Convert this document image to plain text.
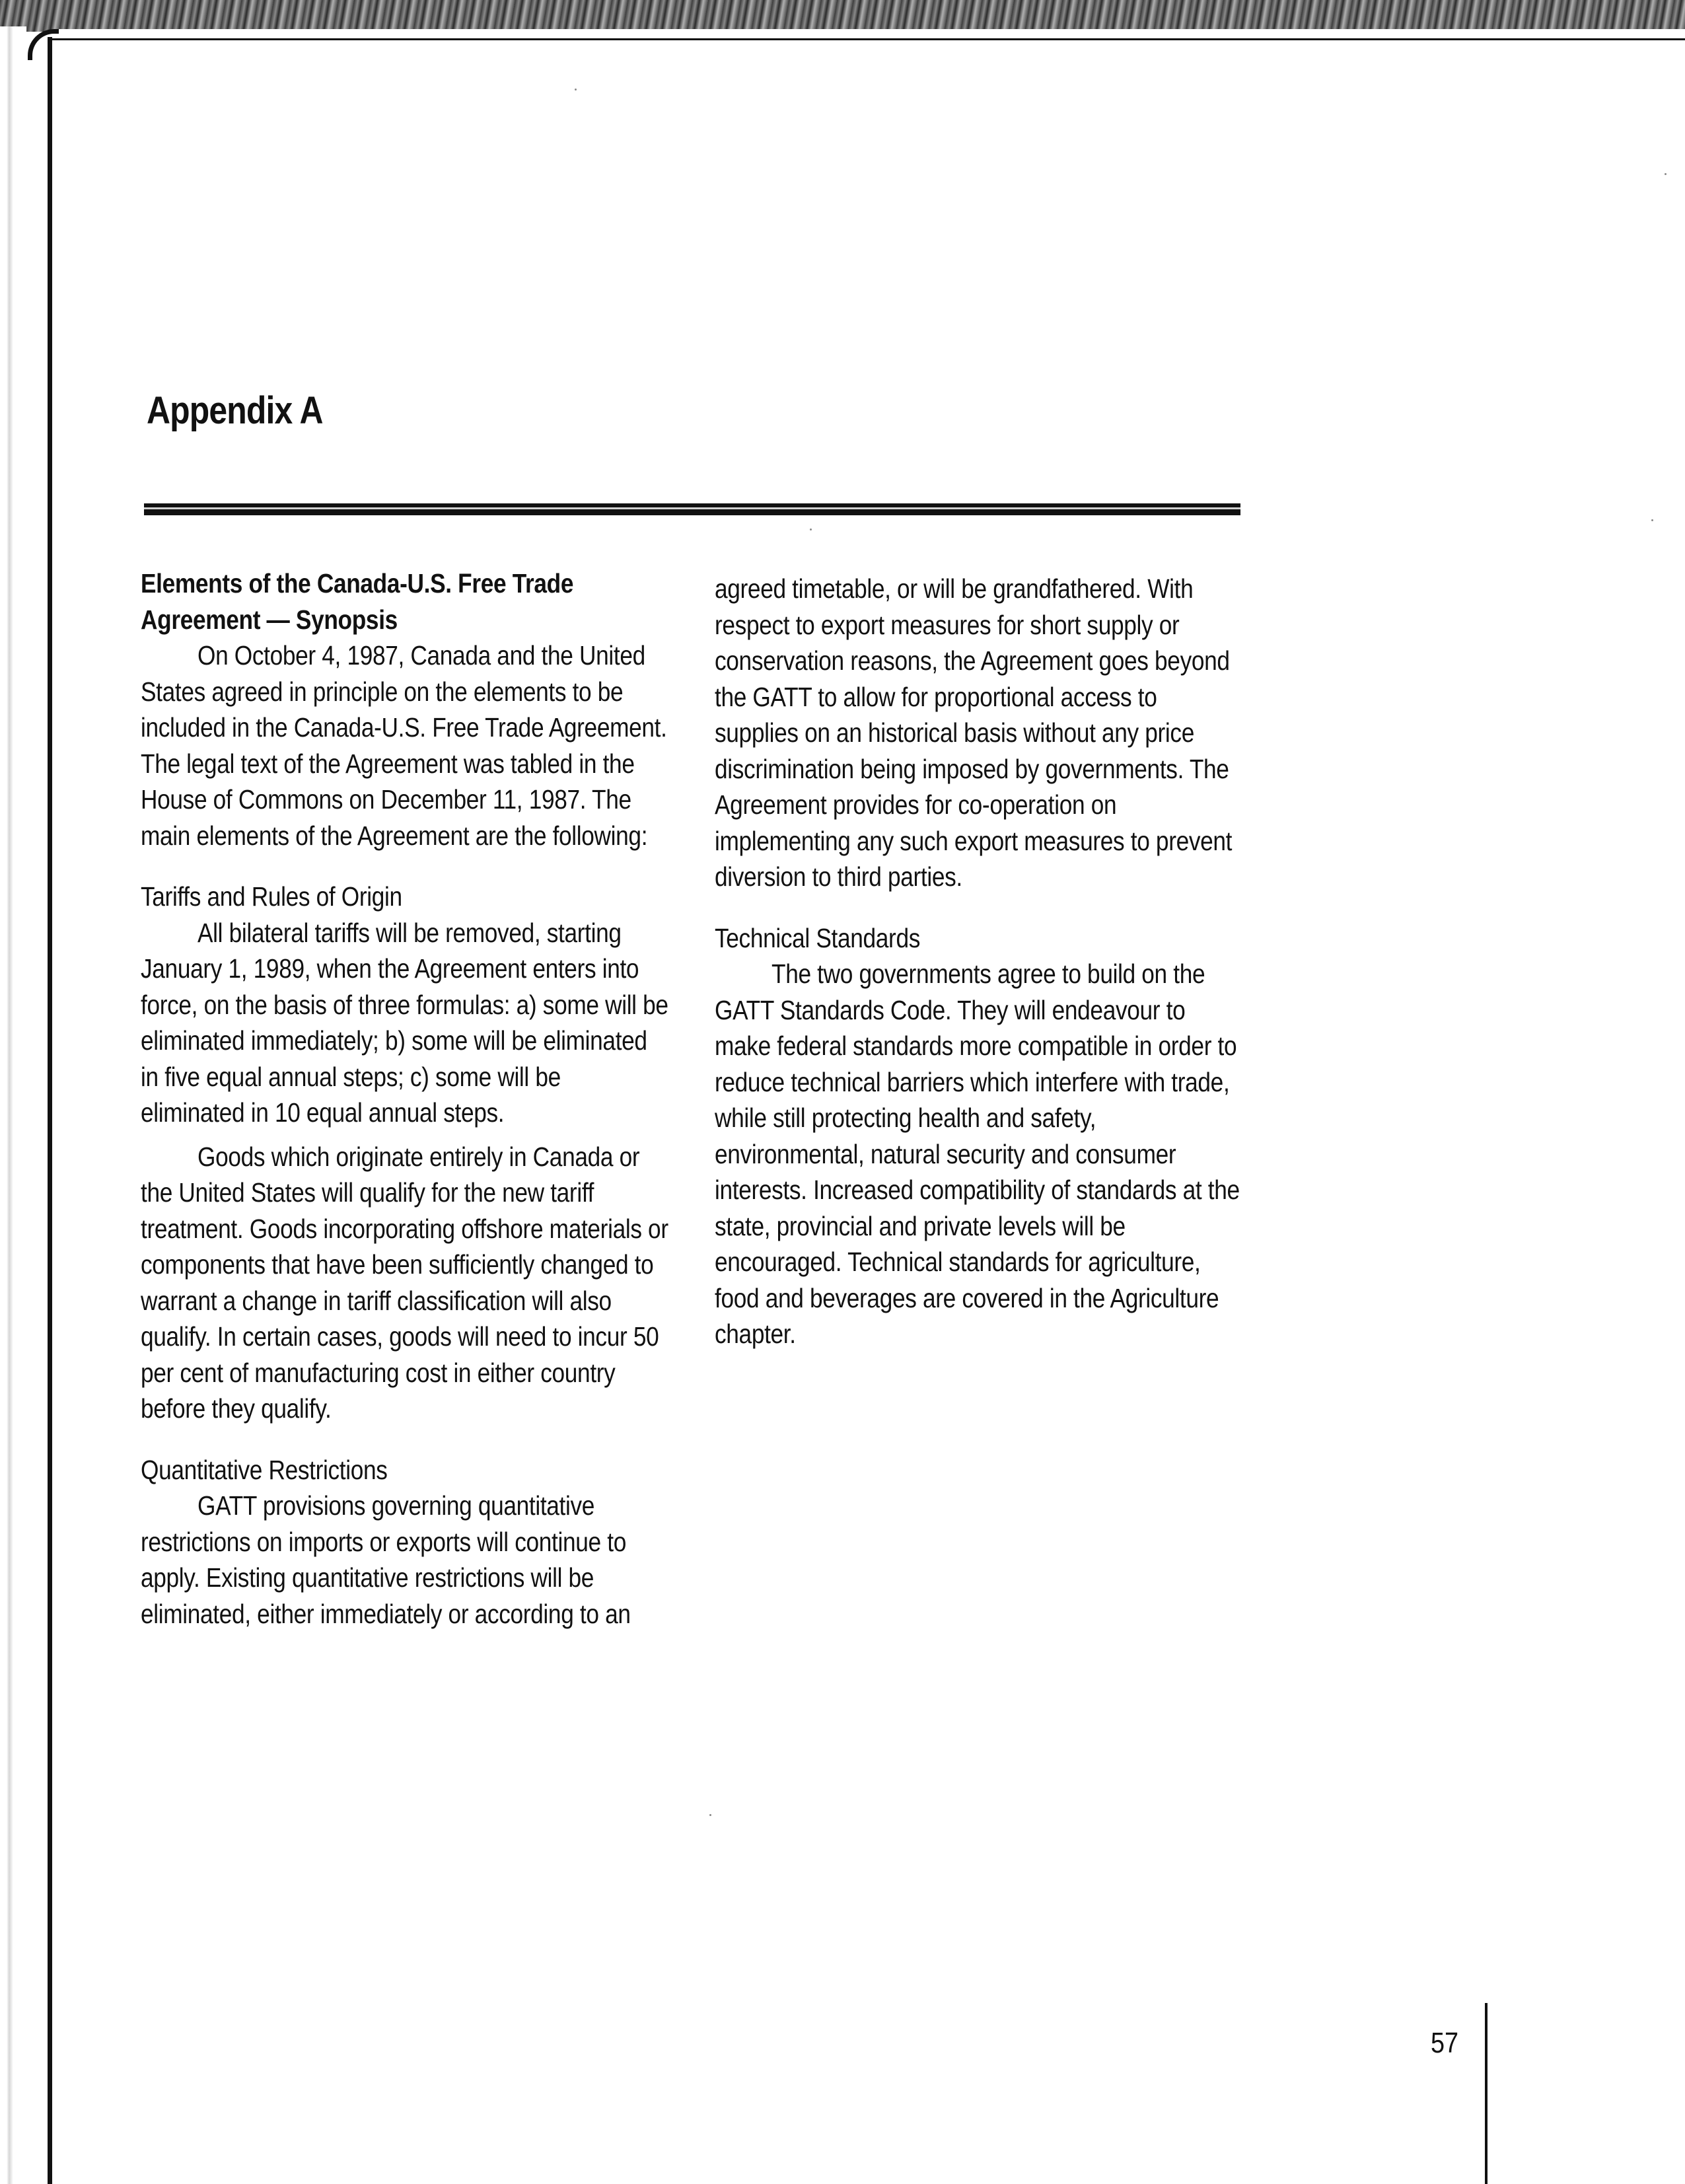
Appendix A

Elements of the Canada-U.S. Free Trade

Agreement — Synopsis

On October 4, 1987, Canada and the United States agreed in principle on the elements to be included in the Canada-U.S. Free Trade Agreement. The legal text of the Agreement was tabled in the House of Commons on December 11, 1987. The main elements of the Agreement are the following:

Tariffs and Rules of Origin

All bilateral tariffs will be removed, starting January 1, 1989, when the Agreement enters into force, on the basis of three formulas: a) some will be eliminated immediately; b) some will be eliminated in five equal annual steps; c) some will be eliminated in 10 equal annual steps.

Goods which originate entirely in Canada or the United States will qualify for the new tariff treatment. Goods incorporating offshore materials or components that have been sufficiently changed to warrant a change in tariff classification will also qualify. In certain cases, goods will need to incur 50 per cent of manufacturing cost in either country before they qualify.

Quantitative Restrictions

GATT provisions governing quantitative restrictions on imports or exports will continue to apply. Existing quantitative restrictions will be eliminated, either immediately or according to an

agreed timetable, or will be grandfathered. With respect to export measures for short supply or conservation reasons, the Agreement goes beyond the GATT to allow for proportional access to supplies on an historical basis without any price discrimination being imposed by governments. The Agreement provides for co-operation on implementing any such export measures to prevent diversion to third parties.

Technical Standards

The two governments agree to build on the GATT Standards Code. They will endeavour to make federal standards more compatible in order to reduce technical barriers which interfere with trade, while still protecting health and safety, environmental, natural security and consumer interests. Increased compatibility of standards at the state, provincial and private levels will be encouraged. Technical standards for agriculture, food and beverages are covered in the Agriculture chapter.

57
